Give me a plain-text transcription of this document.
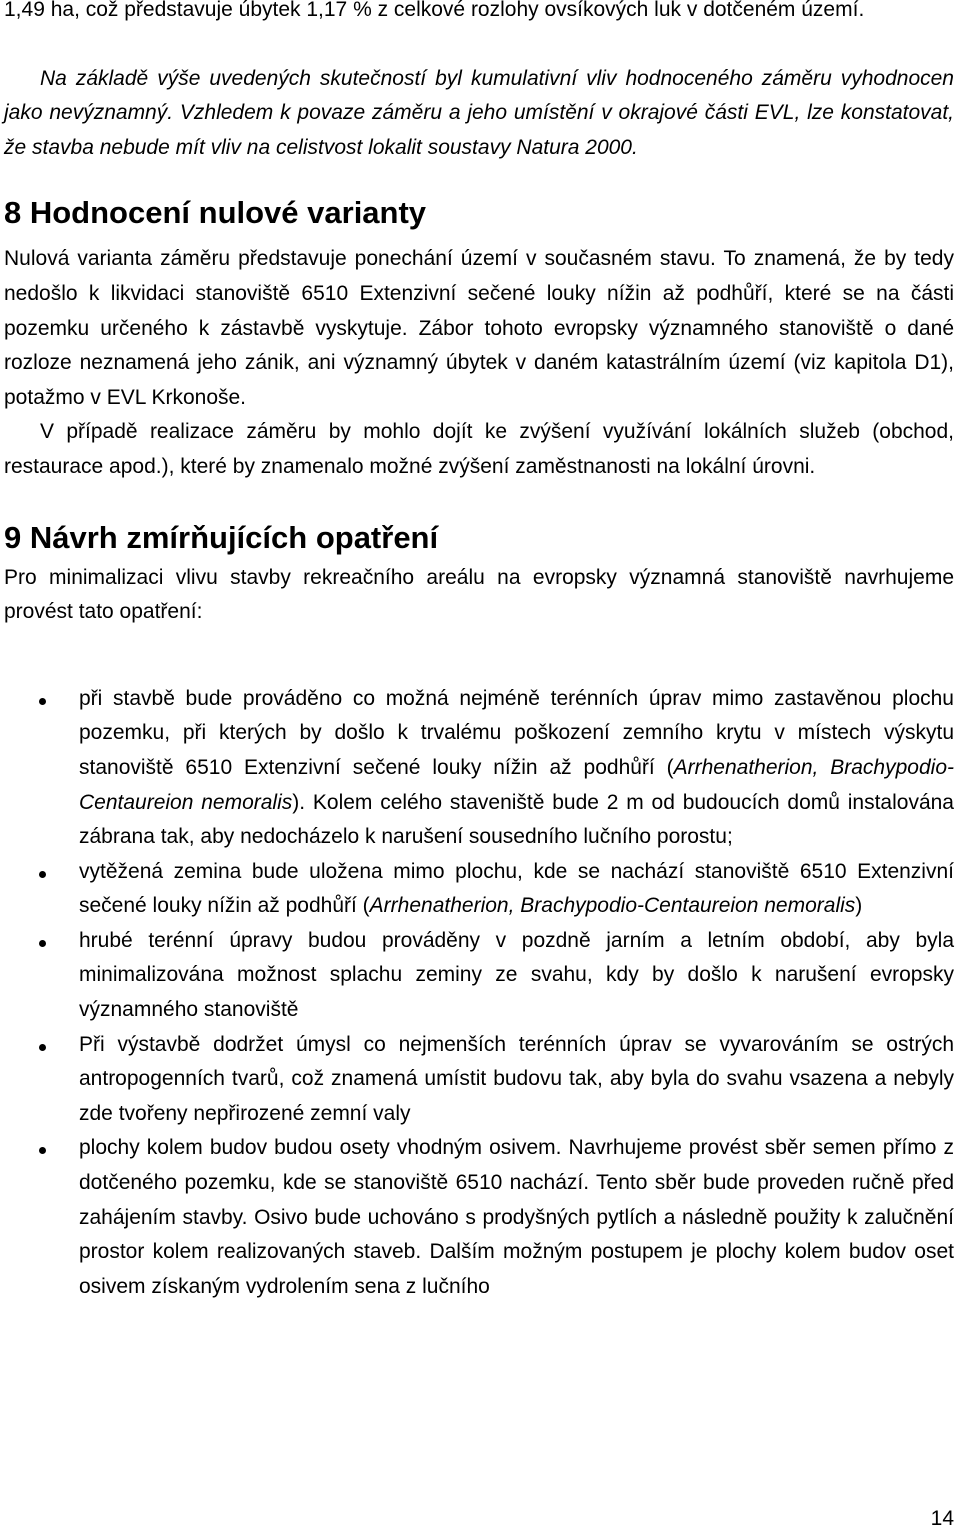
1,49 ha, což představuje úbytek 1,17 % z celkové rozlohy ovsíkových luk v dotčeném území.

Na základě výše uvedených skutečností byl kumulativní vliv hodnoceného záměru vyhodnocen jako nevýznamný. Vzhledem k povaze záměru a jeho umístění v okrajové části EVL, lze konstatovat, že stavba nebude mít vliv na celistvost lokalit soustavy Natura 2000.

8 Hodnocení nulové varianty

Nulová varianta záměru představuje ponechání území v současném stavu. To znamená, že by tedy nedošlo k likvidaci stanoviště 6510 Extenzivní sečené louky nížin až podhůří, které se na části pozemku určeného k zástavbě vyskytuje. Zábor tohoto evropsky významného stanoviště o dané rozloze neznamená jeho zánik, ani významný úbytek v daném katastrálním území (viz kapitola D1), potažmo v EVL Krkonoše.

V případě realizace záměru by mohlo dojít ke zvýšení využívání lokálních služeb (obchod, restaurace apod.), které by znamenalo možné zvýšení zaměstnanosti na lokální úrovni.

9 Návrh zmírňujících opatření

Pro minimalizaci vlivu stavby rekreačního areálu na evropsky významná stanoviště navrhujeme provést tato opatření:

při stavbě bude prováděno co možná nejméně terénních úprav mimo zastavěnou plochu pozemku, při kterých by došlo k trvalému poškození zemního krytu v místech výskytu stanoviště 6510 Extenzivní sečené louky nížin až podhůří (Arrhenatherion, Brachypodio-Centaureion nemoralis). Kolem celého staveniště bude 2 m od budoucích domů instalována zábrana tak, aby nedocházelo k narušení sousedního lučního porostu;

vytěžená zemina bude uložena mimo plochu, kde se nachází stanoviště 6510 Extenzivní sečené louky nížin až podhůří (Arrhenatherion, Brachypodio-Centaureion nemoralis)

hrubé terénní úpravy budou prováděny v pozdně jarním a letním období, aby byla minimalizována možnost splachu zeminy ze svahu, kdy by došlo k narušení evropsky významného stanoviště

Při výstavbě dodržet úmysl co nejmenších terénních úprav se vyvarováním se ostrých antropogenních tvarů, což znamená umístit budovu tak, aby byla do svahu vsazena a nebyly zde tvořeny nepřirozené zemní valy

plochy kolem budov budou osety vhodným osivem. Navrhujeme provést sběr semen přímo z dotčeného pozemku, kde se stanoviště 6510 nachází. Tento sběr bude proveden ručně před zahájením stavby. Osivo bude uchováno s prodyšných pytlích a následně použity k zalučnění prostor kolem realizovaných staveb. Dalším možným postupem je plochy kolem budov oset osivem získaným vydrolením sena z lučního

14
